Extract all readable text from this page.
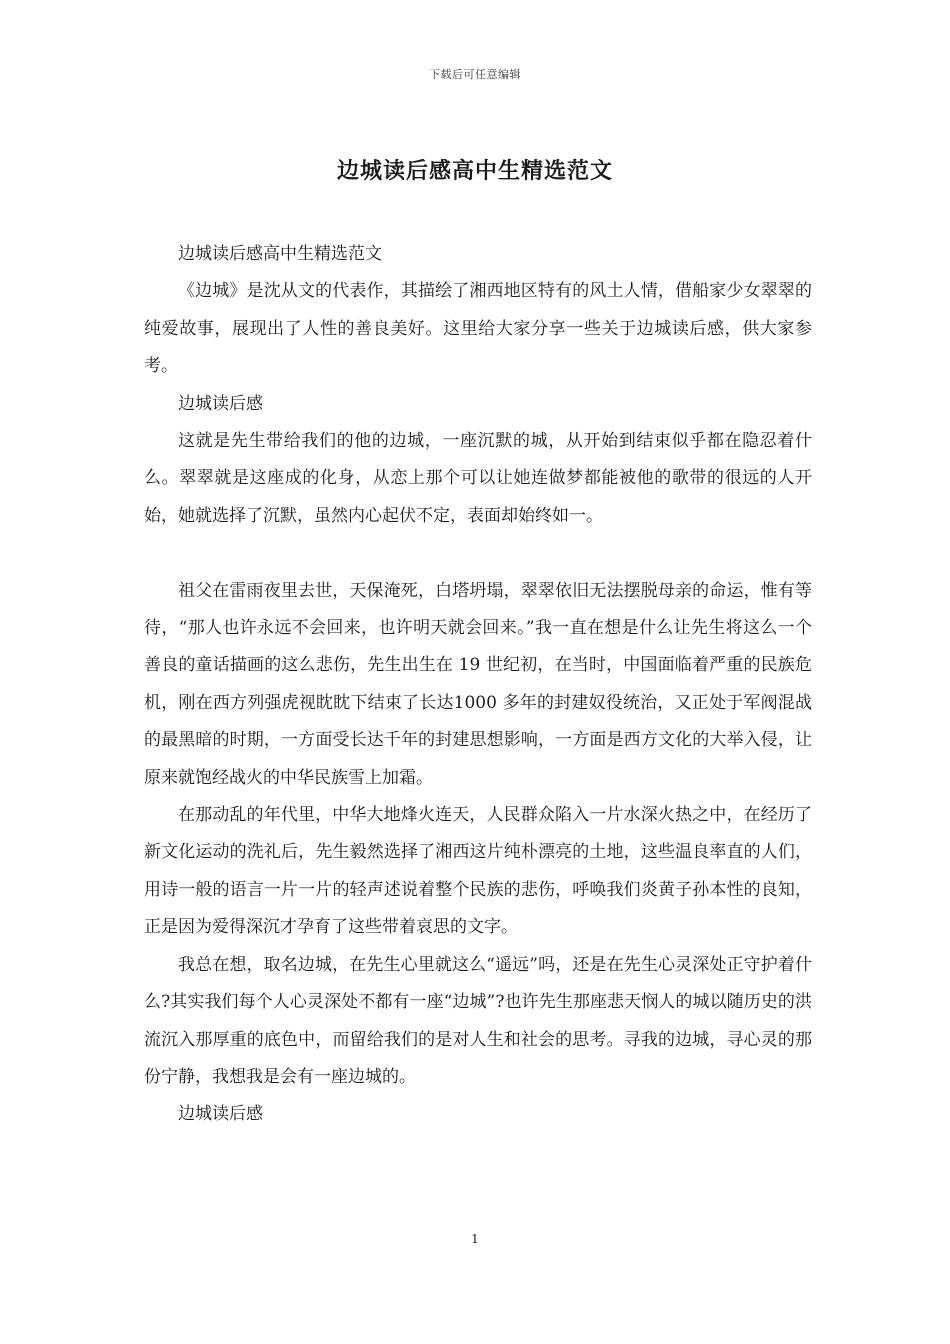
下载后可任意编辑
边城读后感高中生精选范文

边城读后感高中生精选范文

《边城》是沈从文的代表作，其描绘了湘西地区特有的风土人情，借船家少女翠翠的纯爱故事，展现出了人性的善良美好。这里给大家分享一些关于边城读后感，供大家参考。

边城读后感

这就是先生带给我们的他的边城，一座沉默的城，从开始到结束似乎都在隐忍着什么。翠翠就是这座成的化身，从恋上那个可以让她连做梦都能被他的歌带的很远的人开始，她就选择了沉默，虽然内心起伏不定，表面却始终如一。

祖父在雷雨夜里去世，天保淹死，白塔坍塌，翠翠依旧无法摆脱母亲的命运，惟有等待，“那人也许永远不会回来，也许明天就会回来。”我一直在想是什么让先生将这么一个善良的童话描画的这么悲伤，先生出生在 19 世纪初，在当时，中国面临着严重的民族危机，刚在西方列强虎视眈眈下结束了长达1000 多年的封建奴役统治，又正处于军阀混战的最黑暗的时期，一方面受长达千年的封建思想影响，一方面是西方文化的大举入侵，让原来就饱经战火的中华民族雪上加霜。

在那动乱的年代里，中华大地烽火连天，人民群众陷入一片水深火热之中，在经历了新文化运动的洗礼后，先生毅然选择了湘西这片纯朴漂亮的土地，这些温良率直的人们，用诗一般的语言一片一片的轻声述说着整个民族的悲伤，呼唤我们炎黄子孙本性的良知，正是因为爱得深沉才孕育了这些带着哀思的文字。

我总在想，取名边城，在先生心里就这么“遥远”吗，还是在先生心灵深处正守护着什么?其实我们每个人心灵深处不都有一座“边城”?也许先生那座悲天悯人的城以随历史的洪流沉入那厚重的底色中，而留给我们的是对人生和社会的思考。寻我的边城，寻心灵的那份宁静，我想我是会有一座边城的。

边城读后感

1
